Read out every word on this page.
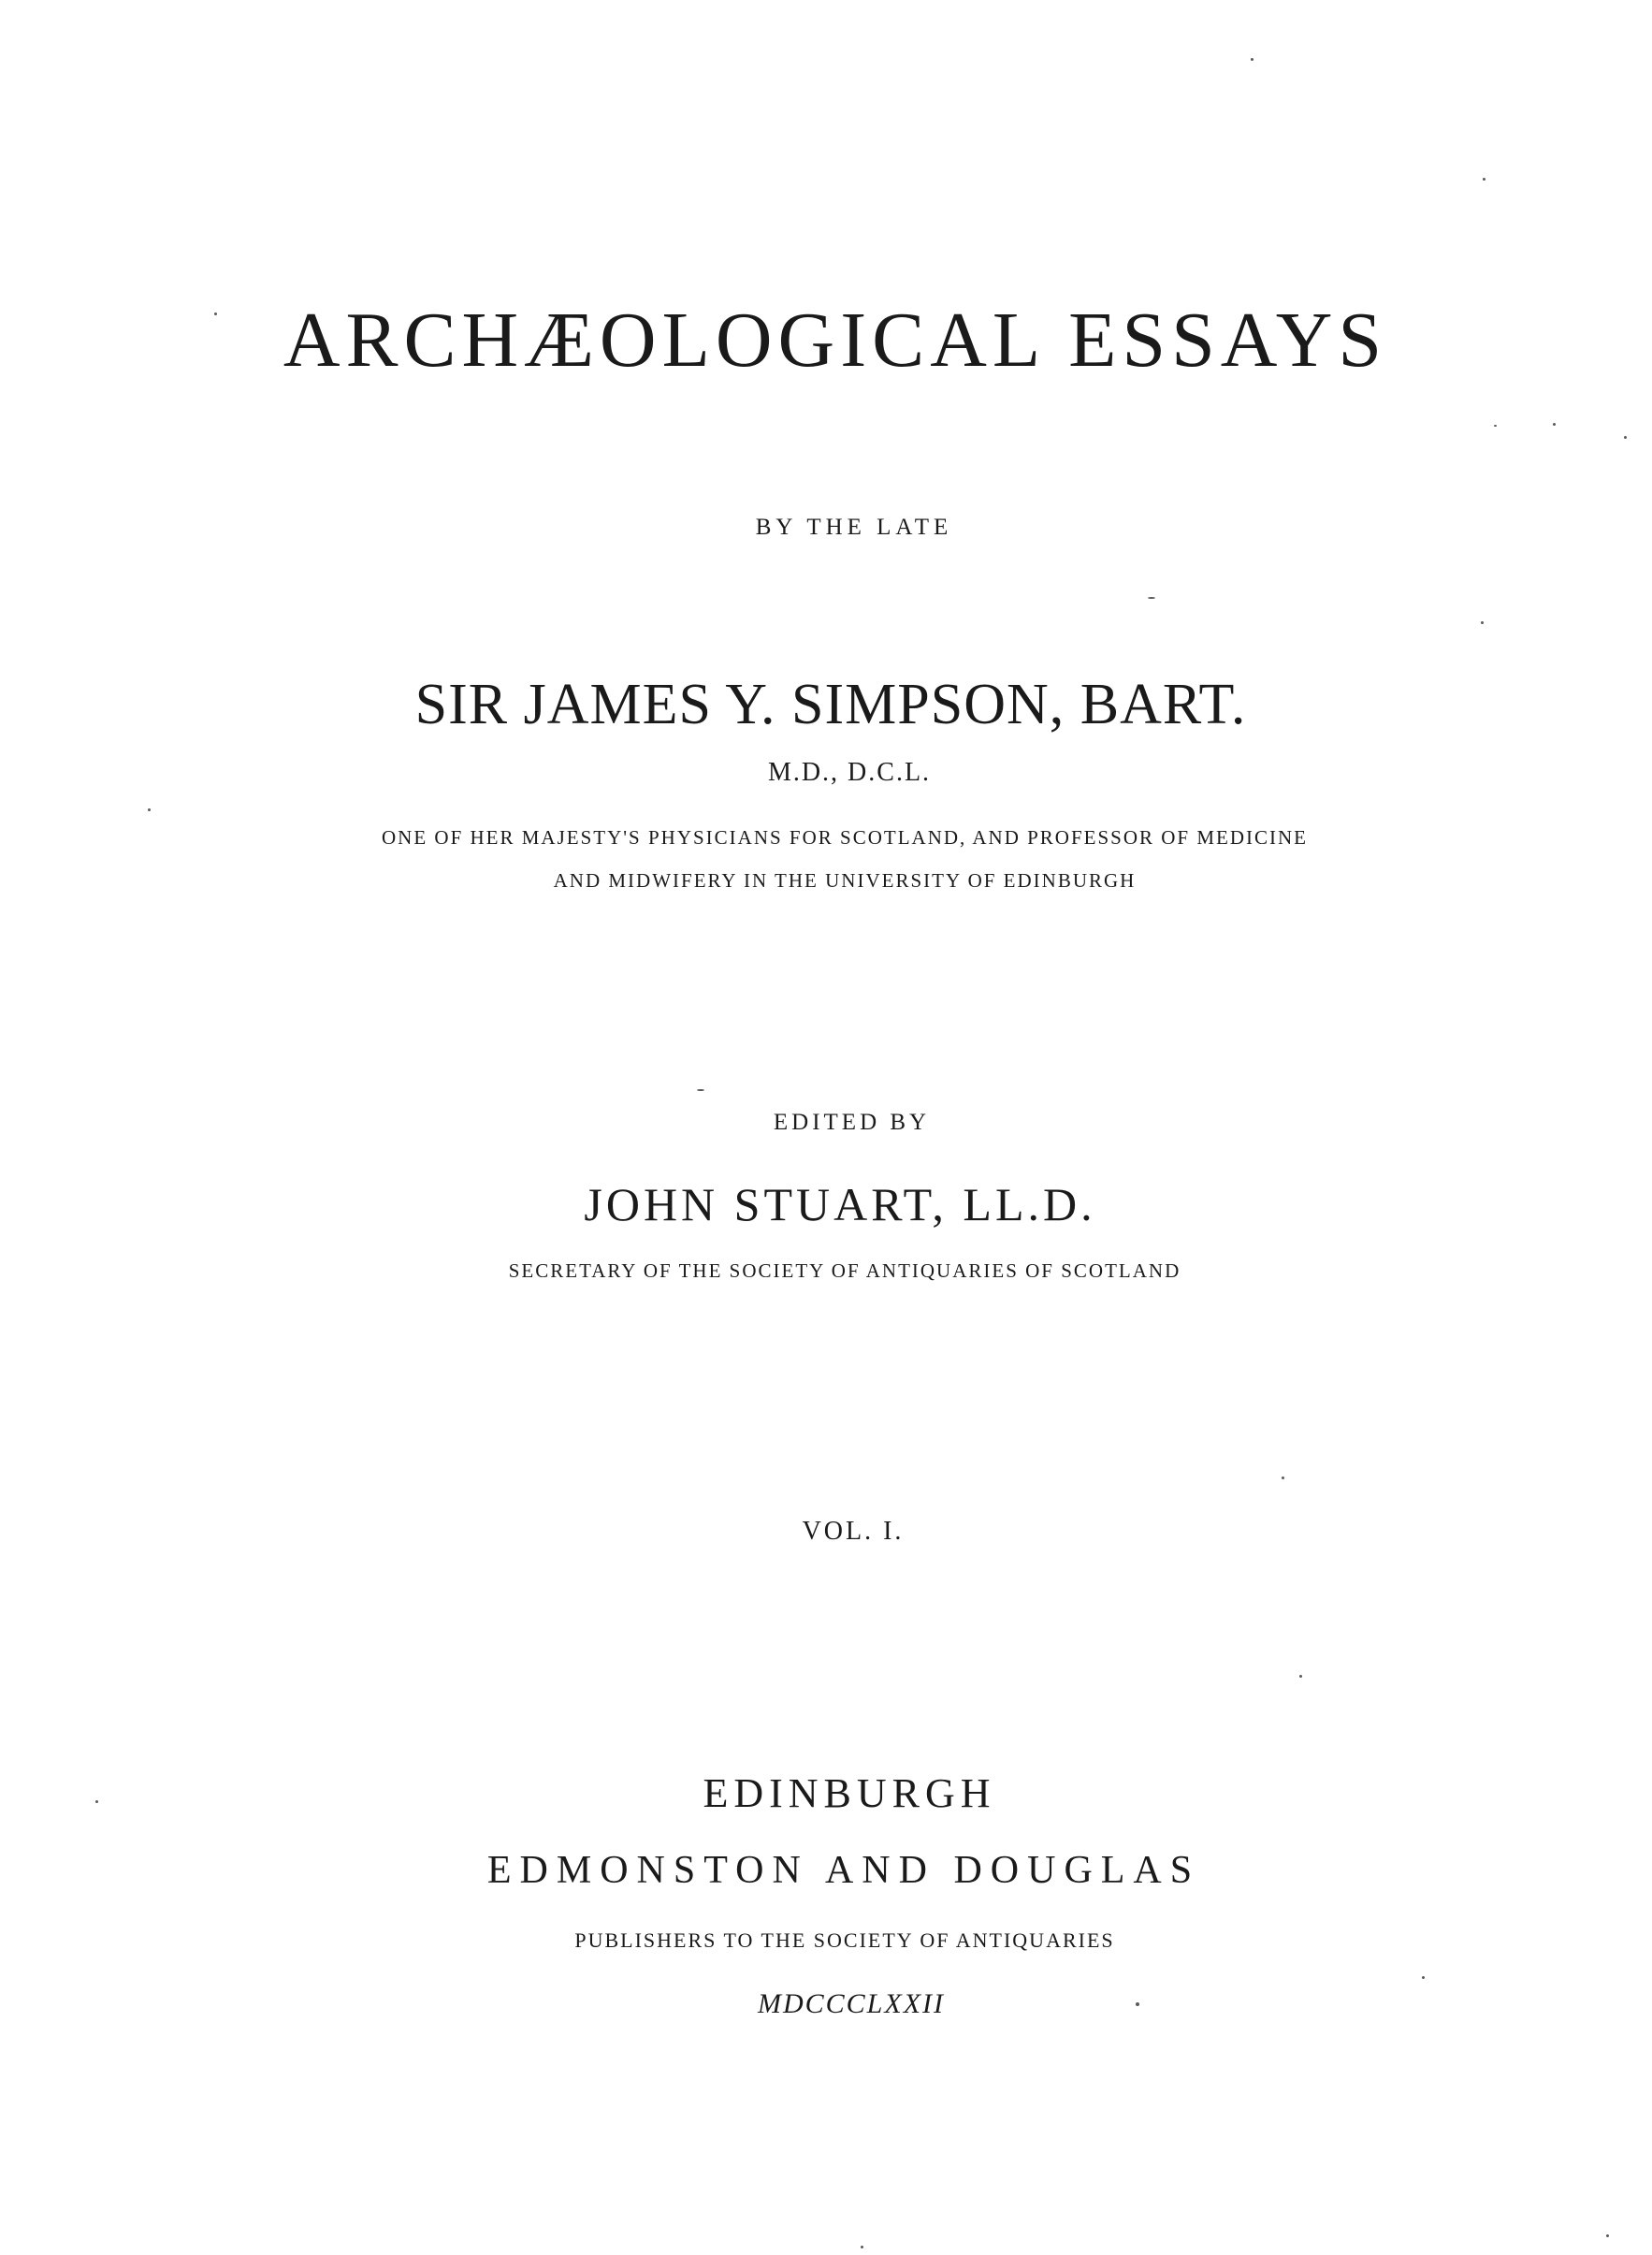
ARCHÆOLOGICAL ESSAYS
BY THE LATE
SIR JAMES Y. SIMPSON, BART.
M.D., D.C.L.
ONE OF HER MAJESTY'S PHYSICIANS FOR SCOTLAND, AND PROFESSOR OF MEDICINE
AND MIDWIFERY IN THE UNIVERSITY OF EDINBURGH
EDITED BY
JOHN STUART, LL.D.
SECRETARY OF THE SOCIETY OF ANTIQUARIES OF SCOTLAND
VOL. I.
EDINBURGH
EDMONSTON AND DOUGLAS
PUBLISHERS TO THE SOCIETY OF ANTIQUARIES
MDCCCLXXII
